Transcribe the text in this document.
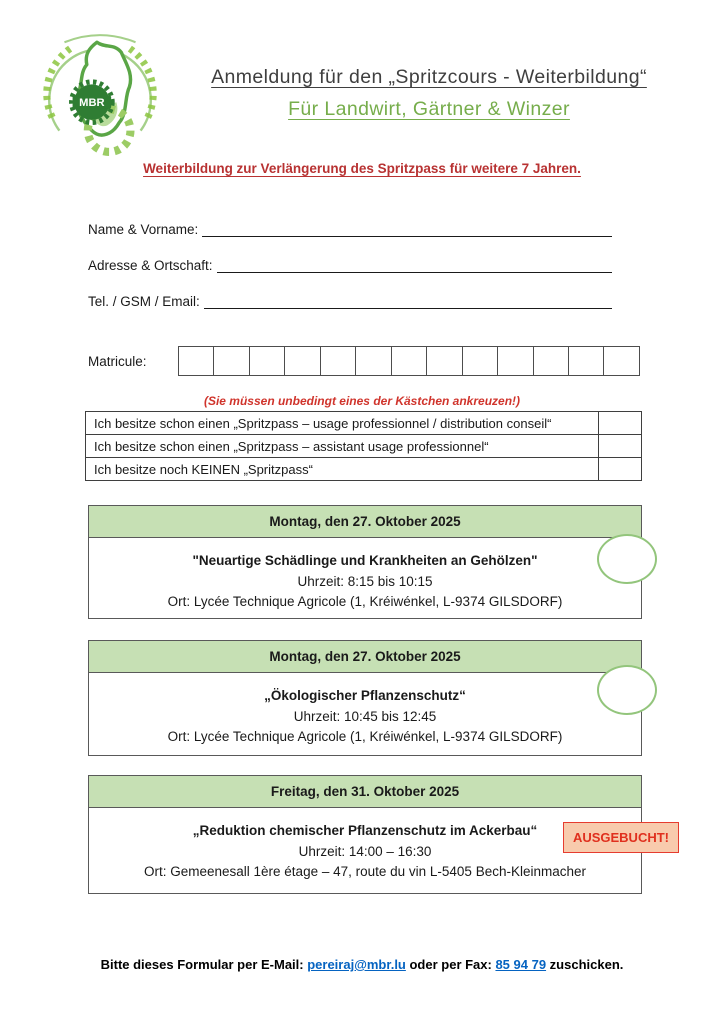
MBR
Anmeldung für den „Spritzcours - Weiterbildung“
Für Landwirt, Gärtner & Winzer
Weiterbildung zur Verlängerung des Spritzpass für weitere 7 Jahren.
Name & Vorname:
Adresse & Ortschaft:
Tel. / GSM / Email:
Matricule:
(Sie müssen unbedingt eines der Kästchen ankreuzen!)
Ich besitze schon einen „Spritzpass – usage professionnel / distribution conseil“
Ich besitze schon einen „Spritzpass – assistant usage professionnel“
Ich besitze noch KEINEN „Spritzpass“
Montag, den 27. Oktober 2025
"Neuartige Schädlinge und Krankheiten an Gehölzen"
Uhrzeit: 8:15 bis 10:15
Ort: Lycée Technique Agricole (1, Kréiwénkel, L-9374 GILSDORF)
Montag, den 27. Oktober 2025
„Ökologischer Pflanzenschutz“
Uhrzeit: 10:45 bis 12:45
Ort: Lycée Technique Agricole (1, Kréiwénkel, L-9374 GILSDORF)
Freitag, den 31. Oktober 2025
AUSGEBUCHT!
„Reduktion chemischer Pflanzenschutz im Ackerbau“
Uhrzeit: 14:00 – 16:30
Ort: Gemeenesall 1ère étage – 47, route du vin L-5405 Bech-Kleinmacher
Bitte dieses Formular per E-Mail: pereiraj@mbr.lu oder per Fax: 85 94 79 zuschicken.
